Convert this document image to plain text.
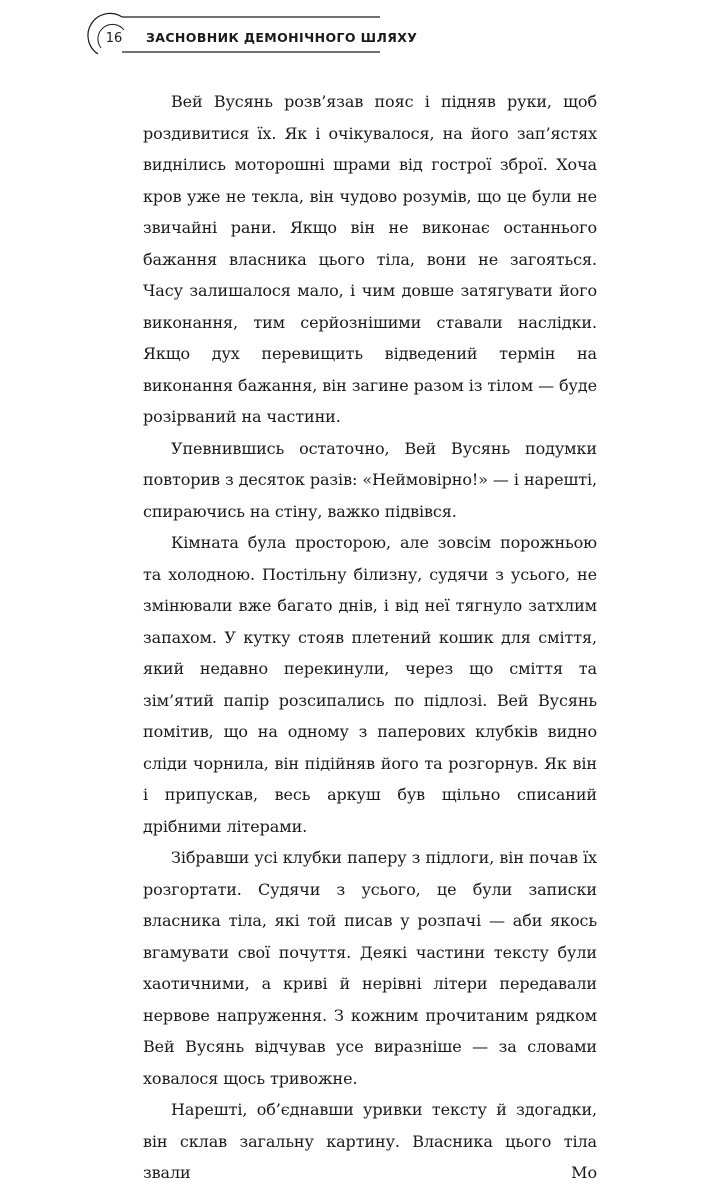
16	ЗАСНОВНИК ДЕМОНІЧНОГО ШЛЯХУ

Вей Вусянь розв’язав пояс і підняв руки, щоб роздивитися їх. Як і очікувалося, на його зап’ястях виднілись моторошні шрами від гострої зброї. Хоча кров уже не текла, він чудово розумів, що це були не звичайні рани. Якщо він не виконає останнього бажання власника цього тіла, вони не загояться. Часу залишалося мало, і чим довше затягувати його виконання, тим серйознішими ставали наслідки. Якщо дух перевищить відведений термін на виконання бажання, він загине разом із тілом — буде розірваний на частини.

Упевнившись остаточно, Вей Вусянь подумки повторив з десяток разів: «Неймовірно!» — і нарешті, спираючись на стіну, важко підвівся.

Кімната була просторою, але зовсім порожньою та холодною. Постільну білизну, судячи з усього, не змінювали вже багато днів, і від неї тягнуло затхлим запахом. У кутку стояв плетений кошик для сміття, який недавно перекинули, через що сміття та зім’ятий папір розсипались по підлозі. Вей Вусянь помітив, що на одному з паперових клубків видно сліди чорнила, він підійняв його та розгорнув. Як він і припускав, весь аркуш був щільно списаний дрібними літерами.

Зібравши усі клубки паперу з підлоги, він почав їх розгортати. Судячи з усього, це були записки власника тіла, які той писав у розпачі — аби якось вгамувати свої почуття. Деякі частини тексту були хаотичними, а криві й нерівні літери передавали нервове напруження. З кожним прочитаним рядком Вей Вусянь відчував усе виразніше — за словами ховалося щось тривожне.

Нарешті, об’єднавши уривки тексту й здогадки, він склав загальну картину. Власника цього тіла звали Мо
